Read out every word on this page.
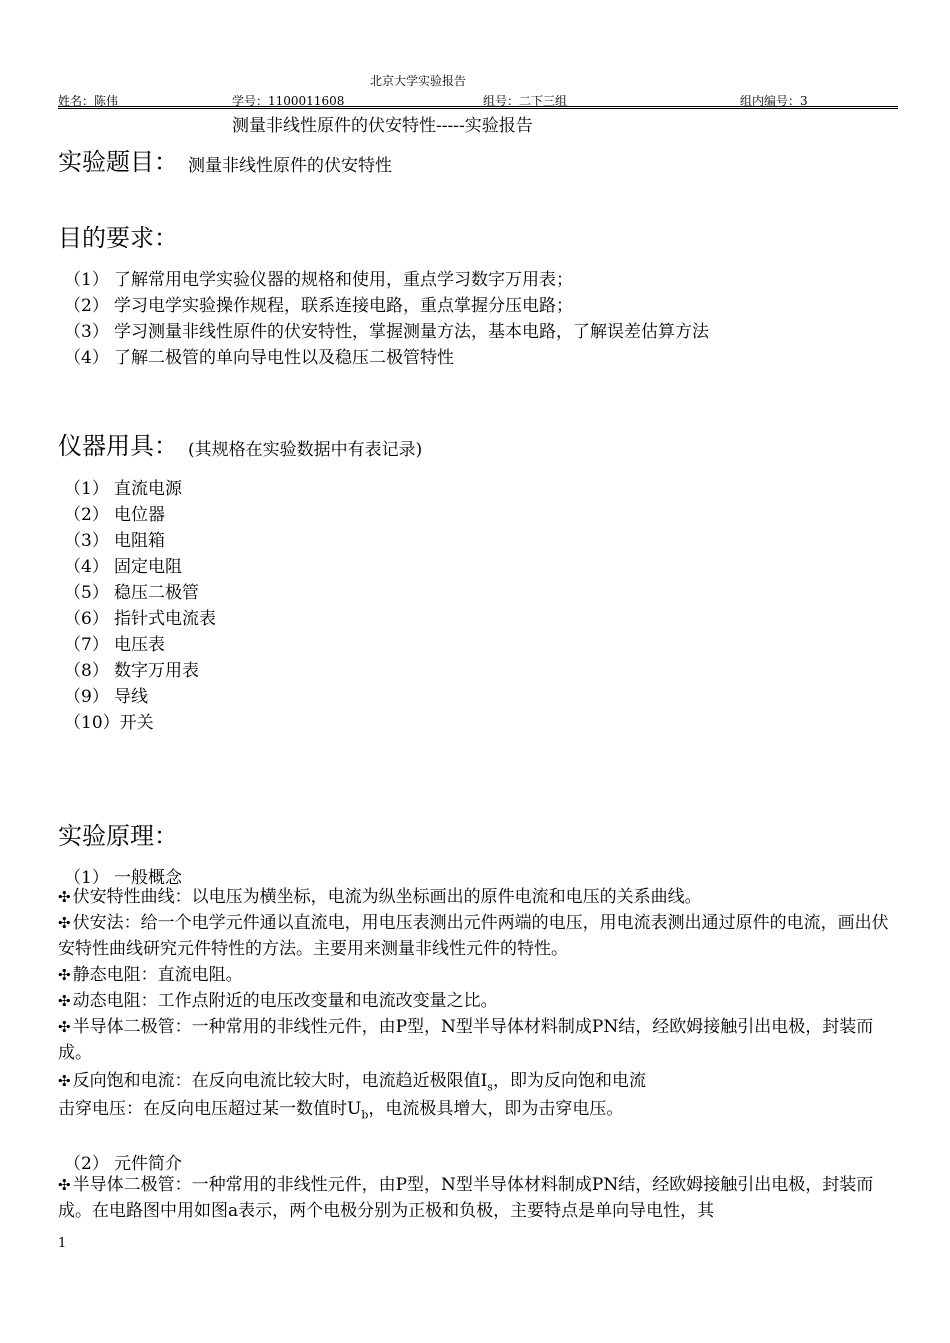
北京大学实验报告
姓名：陈伟	学号：1100011608	组号：二下三组	组内编号：3
测量非线性原件的伏安特性-----实验报告
实验题目： 测量非线性原件的伏安特性
目的要求：
（1） 了解常用电学实验仪器的规格和使用，重点学习数字万用表；
（2） 学习电学实验操作规程，联系连接电路，重点掌握分压电路；
（3） 学习测量非线性原件的伏安特性，掌握测量方法，基本电路，了解误差估算方法
（4） 了解二极管的单向导电性以及稳压二极管特性
仪器用具： (其规格在实验数据中有表记录)
（1） 直流电源
（2） 电位器
（3） 电阻箱
（4） 固定电阻
（5） 稳压二极管
（6） 指针式电流表
（7） 电压表
（8） 数字万用表
（9） 导线
（10）开关
实验原理：
（1） 一般概念
✣ 伏安特性曲线：以电压为横坐标，电流为纵坐标画出的原件电流和电压的关系曲线。
✣ 伏安法：给一个电学元件通以直流电，用电压表测出元件两端的电压，用电流表测出通过原件的电流，画出伏安特性曲线研究元件特性的方法。主要用来测量非线性元件的特性。
✣ 静态电阻：直流电阻。
✣ 动态电阻：工作点附近的电压改变量和电流改变量之比。
✣ 半导体二极管：一种常用的非线性元件，由P型，N型半导体材料制成PN结，经欧姆接触引出电极，封装而成。
✣ 反向饱和电流：在反向电流比较大时，电流趋近极限值$I_s$，即为反向饱和电流
击穿电压：在反向电压超过某一数值时$U_b$，电流极具增大，即为击穿电压。
（2） 元件简介
✣ 半导体二极管：一种常用的非线性元件，由P型，N型半导体材料制成PN结，经欧姆接触引出电极，封装而成。在电路图中用如图a表示，两个电极分别为正极和负极，主要特点是单向导电性，其
1
